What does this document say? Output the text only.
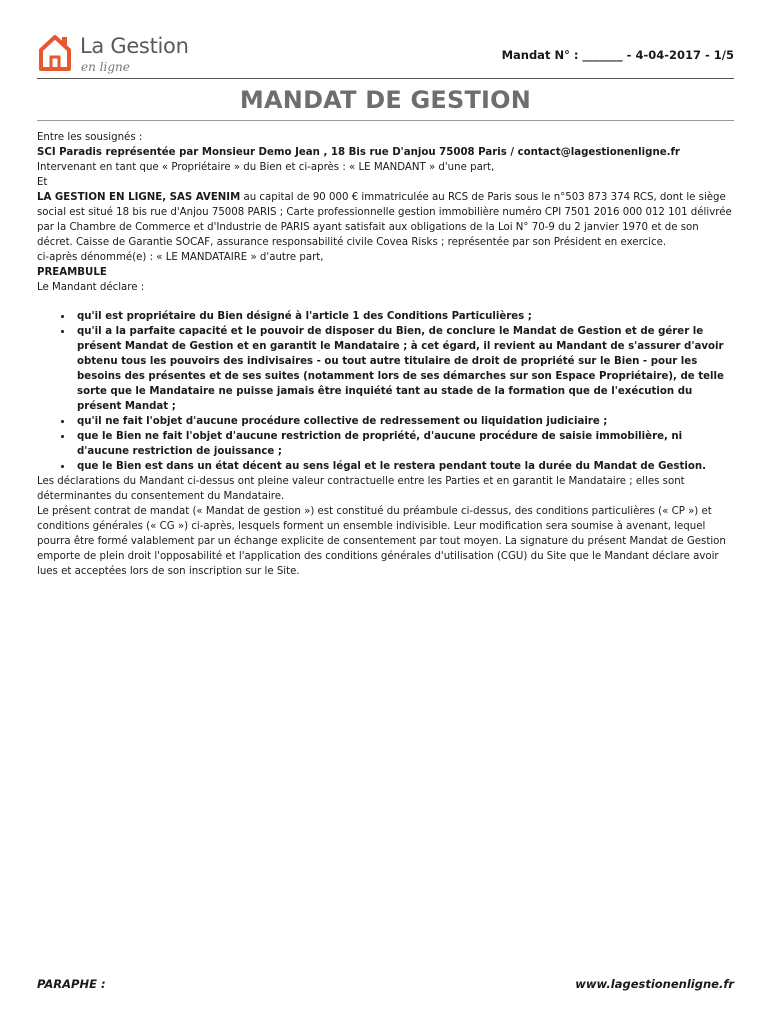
La Gestion
en ligne
Mandat N° : _______ - 4-04-2017 - 1/5
MANDAT DE GESTION

Entre les sousignés :

SCI Paradis représentée par Monsieur Demo Jean , 18 Bis rue D'anjou 75008 Paris / contact@lagestionenligne.fr

Intervenant en tant que « Propriétaire » du Bien et ci-après : « LE MANDANT » d'une part,

Et

LA GESTION EN LIGNE, SAS AVENIM au capital de 90 000 € immatriculée au RCS de Paris sous le n°503 873 374 RCS, dont le siège social est situé 18 bis rue d'Anjou 75008 PARIS ; Carte professionnelle gestion immobilière numéro CPI 7501 2016 000 012 101 délivrée par la Chambre de Commerce et d'Industrie de PARIS ayant satisfait aux obligations de la Loi N° 70-9 du 2 janvier 1970 et de son décret. Caisse de Garantie SOCAF, assurance responsabilité civile Covea Risks ; représentée par son Président en exercice.

ci-après dénommé(e) : « LE MANDATAIRE » d'autre part,

PREAMBULE

Le Mandant déclare :

• qu'il est propriétaire du Bien désigné à l'article 1 des Conditions Particulières ;
• qu'il a la parfaite capacité et le pouvoir de disposer du Bien, de conclure le Mandat de Gestion et de gérer le présent Mandat de Gestion et en garantit le Mandataire ; à cet égard, il revient au Mandant de s'assurer d'avoir obtenu tous les pouvoirs des indivisaires - ou tout autre titulaire de droit de propriété sur le Bien - pour les besoins des présentes et de ses suites (notamment lors de ses démarches sur son Espace Propriétaire), de telle sorte que le Mandataire ne puisse jamais être inquiété tant au stade de la formation que de l'exécution du présent Mandat ;
• qu'il ne fait l'objet d'aucune procédure collective de redressement ou liquidation judiciaire ;
• que le Bien ne fait l'objet d'aucune restriction de propriété, d'aucune procédure de saisie immobilière, ni d'aucune restriction de jouissance ;
• que le Bien est dans un état décent au sens légal et le restera pendant toute la durée du Mandat de Gestion.

Les déclarations du Mandant ci-dessus ont pleine valeur contractuelle entre les Parties et en garantit le Mandataire ; elles sont déterminantes du consentement du Mandataire.

Le présent contrat de mandat (« Mandat de gestion ») est constitué du préambule ci-dessus, des conditions particulières (« CP ») et conditions générales (« CG ») ci-après, lesquels forment un ensemble indivisible. Leur modification sera soumise à avenant, lequel pourra être formé valablement par un échange explicite de consentement par tout moyen. La signature du présent Mandat de Gestion emporte de plein droit l'opposabilité et l'application des conditions générales d'utilisation (CGU) du Site que le Mandant déclare avoir lues et acceptées lors de son inscription sur le Site.

PARAPHE :	www.lagestionenligne.fr
